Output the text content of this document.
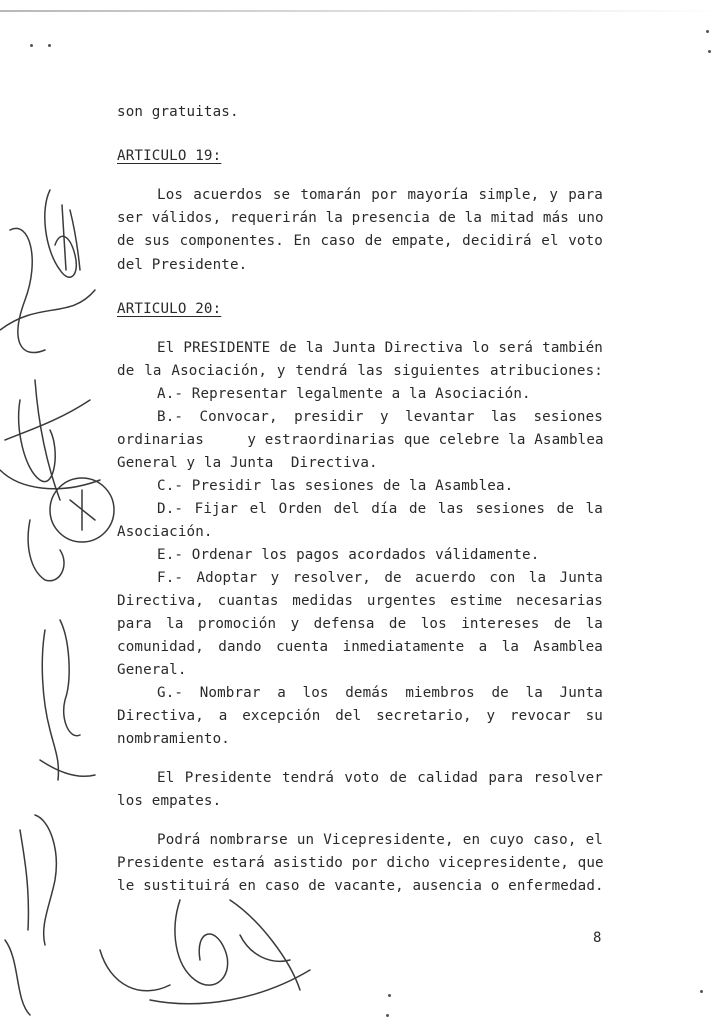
son gratuitas.
ARTICULO 19:
Los acuerdos se tomarán por mayoría simple, y para
ser válidos, requerirán la presencia de la mitad más uno
de sus componentes. En caso de empate, decidirá el voto
del Presidente.
ARTICULO 20:
El PRESIDENTE de la Junta Directiva lo será también
de la Asociación, y tendrá las siguientes atribuciones:
A.- Representar legalmente a la Asociación.
B.- Convocar, presidir y levantar las sesiones
ordinarias     y estraordinarias que celebre la Asamblea
General y la Junta  Directiva.
C.- Presidir las sesiones de la Asamblea.
D.- Fijar el Orden del día de las sesiones de la
Asociación.
E.- Ordenar los pagos acordados válidamente.
F.- Adoptar y resolver, de acuerdo con la Junta
Directiva, cuantas medidas urgentes estime necesarias
para la promoción y defensa de los intereses de la
comunidad, dando cuenta inmediatamente a la Asamblea
General.
G.- Nombrar a los demás miembros de la Junta
Directiva, a excepción del secretario, y revocar su
nombramiento.
El Presidente tendrá voto de calidad para resolver
los empates.
Podrá nombrarse un Vicepresidente, en cuyo caso, el
Presidente estará asistido por dicho vicepresidente, que
le sustituirá en caso de vacante, ausencia o enfermedad.
8
